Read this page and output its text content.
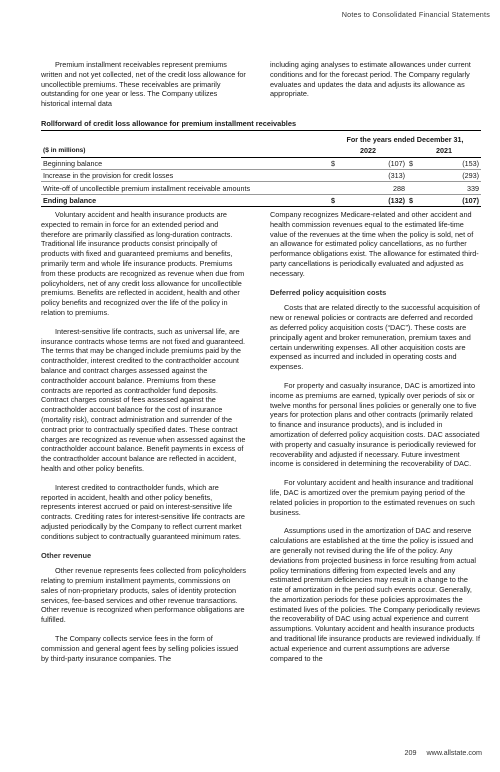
Notes to Consolidated Financial Statements

Premium installment receivables represent premiums written and not yet collected, net of the credit loss allowance for uncollectible premiums. These receivables are primarily outstanding for one year or less. The Company utilizes historical internal data

including aging analyses to estimate allowances under current conditions and for the forecast period. The Company regularly evaluates and updates the data and adjusts its allowance as appropriate.

Rollforward of credit loss allowance for premium installment receivables
	For the years ended December 31,			
($ in millions)	2022		2021	
Beginning balance	$	(107)	$	(153)
Increase in the provision for credit losses		(313)		(293)
Write-off of uncollectible premium installment receivable amounts		288		339
Ending balance	$	(132)	$	(107)

Voluntary accident and health insurance products are expected to remain in force for an extended period and therefore are primarily classified as long-duration contracts. Traditional life insurance products consist principally of products with fixed and guaranteed premiums and benefits, primarily term and whole life insurance products. Premiums from these products are recognized as revenue when due from policyholders, net of any credit loss allowance for uncollectible premiums. Benefits are reflected in accident, health and other policy benefits and recognized over the life of the policy in relation to premiums.

Interest-sensitive life contracts, such as universal life, are insurance contracts whose terms are not fixed and guaranteed. The terms that may be changed include premiums paid by the contractholder, interest credited to the contractholder account balance and contract charges assessed against the contractholder account balance. Premiums from these contracts are reported as contractholder fund deposits. Contract charges consist of fees assessed against the contractholder account balance for the cost of insurance (mortality risk), contract administration and surrender of the contract prior to contractually specified dates. These contract charges are recognized as revenue when assessed against the contractholder account balance. Benefit payments in excess of the contractholder account balance are reflected in accident, health and other policy benefits.

Interest credited to contractholder funds, which are reported in accident, health and other policy benefits, represents interest accrued or paid on interest-sensitive life contracts. Crediting rates for interest-sensitive life contracts are adjusted periodically by the Company to reflect current market conditions subject to contractually guaranteed minimum rates.

Other revenue

Other revenue represents fees collected from policyholders relating to premium installment payments, commissions on sales of non-proprietary products, sales of identity protection services, fee-based services and other revenue transactions. Other revenue is recognized when performance obligations are fulfilled.

The Company collects service fees in the form of commission and general agent fees by selling policies issued by third-party insurance companies. The

Company recognizes Medicare-related and other accident and health commission revenues equal to the estimated life-time value of the revenues at the time when the policy is sold, net of an allowance for estimated policy cancellations, as no further performance obligations exist. The allowance for estimated third-party cancellations is periodically evaluated and adjusted as necessary.

Deferred policy acquisition costs

Costs that are related directly to the successful acquisition of new or renewal policies or contracts are deferred and recorded as deferred policy acquisition costs (“DAC”). These costs are principally agent and broker remuneration, premium taxes and certain underwriting expenses. All other acquisition costs are expensed as incurred and included in operating costs and expenses.

For property and casualty insurance, DAC is amortized into income as premiums are earned, typically over periods of six or twelve months for personal lines policies or generally one to five years for protection plans and other contracts (primarily related to finance and insurance products), and is included in amortization of deferred policy acquisition costs. DAC associated with property and casualty insurance is periodically reviewed for recoverability and adjusted if necessary. Future investment income is considered in determining the recoverability of DAC.

For voluntary accident and health insurance and traditional life, DAC is amortized over the premium paying period of the related policies in proportion to the estimated revenues on such business.

Assumptions used in the amortization of DAC and reserve calculations are established at the time the policy is issued and are generally not revised during the life of the policy. Any deviations from projected business in force resulting from actual policy terminations differing from expected levels and any estimated premium deficiencies may result in a change to the rate of amortization in the period such events occur. Generally, the amortization periods for these policies approximates the estimated lives of the policies. The Company periodically reviews the recoverability of DAC using actual experience and current assumptions. Voluntary accident and health insurance products and traditional life insurance products are reviewed individually. If actual experience and current assumptions are adverse compared to the

209 www.allstate.com
